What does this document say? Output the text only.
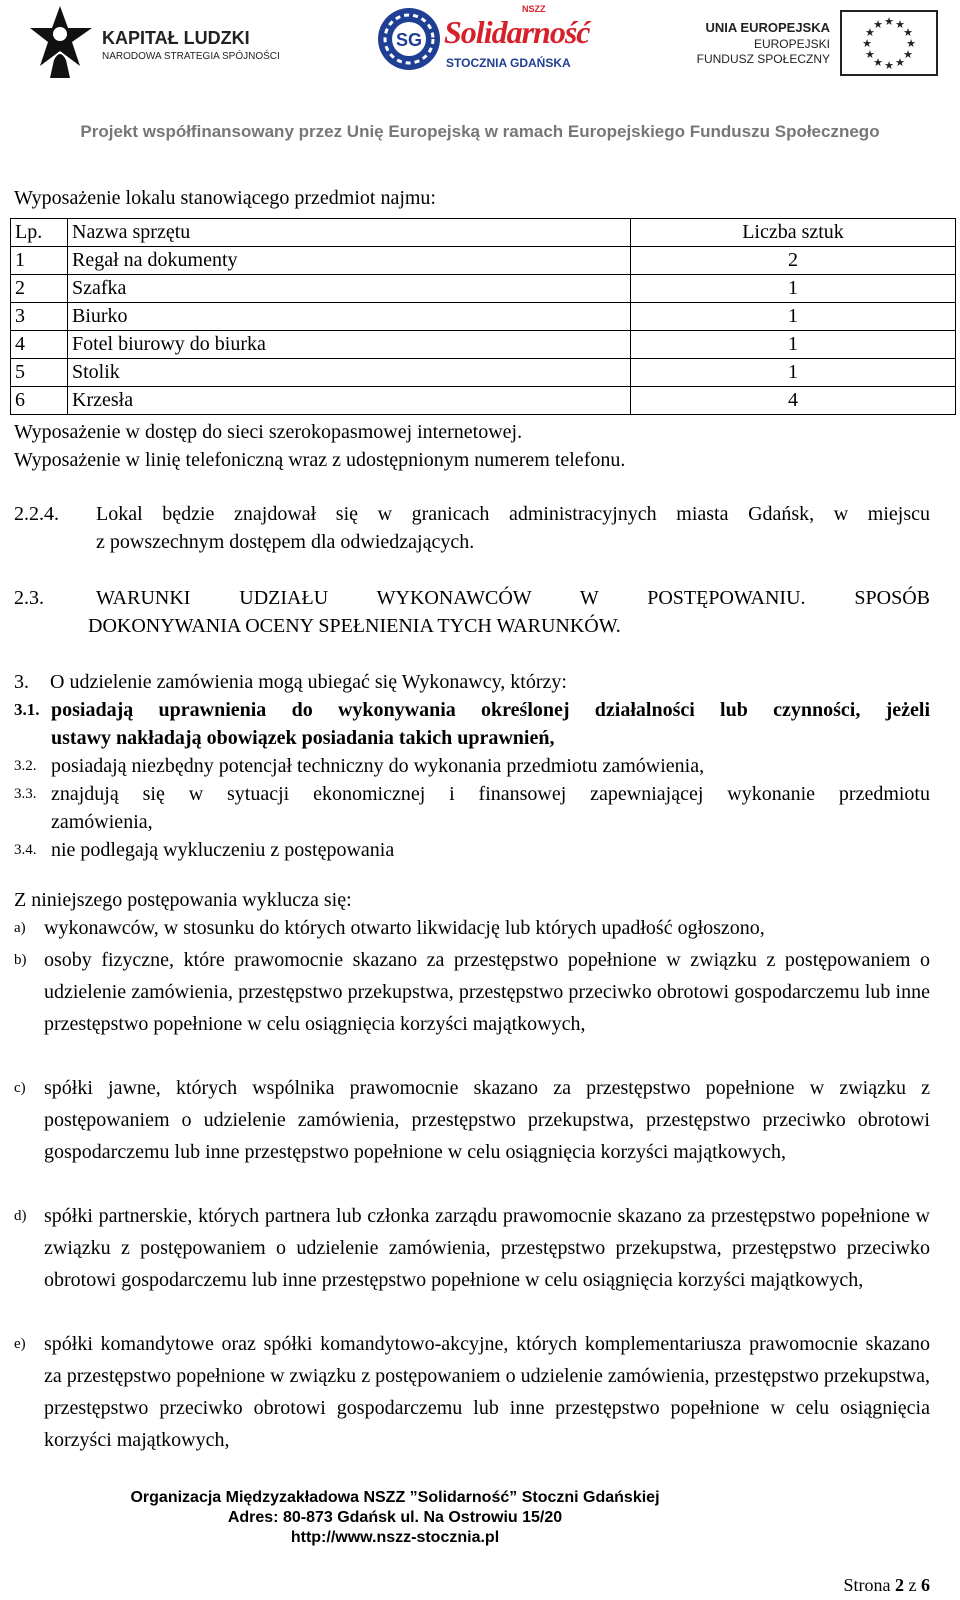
KAPITAŁ LUDZKI
NARODOWA STRATEGIA SPÓJNOŚCI
SG
NSZZ
Solidarność
STOCZNIA GDAŃSKA
UNIA EUROPEJSKA
EUROPEJSKI
FUNDUSZ SPOŁECZNY
★ ★
★
★
★
★
★
★
★
★
★
★
Projekt współfinansowany przez Unię Europejską w ramach Europejskiego Funduszu Społecznego
Wyposażenie lokalu stanowiącego przedmiot najmu:
Lp.	Nazwa sprzętu	Liczba sztuk
1	Regał na dokumenty	2
2	Szafka	1
3	Biurko	1
4	Fotel biurowy do biurka	1
5	Stolik	1
6	Krzesła	4
Wyposażenie w dostęp do sieci szerokopasmowej internetowej.
Wyposażenie w linię telefoniczną wraz z udostępnionym numerem telefonu.
2.2.4. Lokal będzie znajdował się w granicach administracyjnych miasta Gdańsk, w miejscu
z powszechnym dostępem dla odwiedzających.
2.3.	WARUNKI UDZIAŁU WYKONAWCÓW W POSTĘPOWANIU. SPOSÓB
DOKONYWANIA OCENY SPEŁNIENIA TYCH WARUNKÓW.
3. O udzielenie zamówienia mogą ubiegać się Wykonawcy, którzy:
3.1. posiadają uprawnienia do wykonywania określonej działalności lub czynności, jeżeli
ustawy nakładają obowiązek posiadania takich uprawnień,
3.2. posiadają niezbędny potencjał techniczny do wykonania przedmiotu zamówienia,
3.3. znajdują się w sytuacji ekonomicznej i finansowej zapewniającej wykonanie przedmiotu
zamówienia,
3.4. nie podlegają wykluczeniu z postępowania
Z niniejszego postępowania wyklucza się:
a) wykonawców, w stosunku do których otwarto likwidację lub których upadłość ogłoszono,
b) osoby fizyczne, które prawomocnie skazano za przestępstwo popełnione w związku z postępowaniem o udzielenie zamówienia, przestępstwo przekupstwa, przestępstwo przeciwko obrotowi gospodarczemu lub inne przestępstwo popełnione w celu osiągnięcia korzyści majątkowych,
c) spółki jawne, których wspólnika prawomocnie skazano za przestępstwo popełnione w związku z postępowaniem o udzielenie zamówienia, przestępstwo przekupstwa, przestępstwo przeciwko obrotowi gospodarczemu lub inne przestępstwo popełnione w celu osiągnięcia korzyści majątkowych,
d) spółki partnerskie, których partnera lub członka zarządu prawomocnie skazano za przestępstwo popełnione w związku z postępowaniem o udzielenie zamówienia, przestępstwo przekupstwa, przestępstwo przeciwko obrotowi gospodarczemu lub inne przestępstwo popełnione w celu osiągnięcia korzyści majątkowych,
e) spółki komandytowe oraz spółki komandytowo-akcyjne, których komplementariusza prawomocnie skazano za przestępstwo popełnione w związku z postępowaniem o udzielenie zamówienia, przestępstwo przekupstwa, przestępstwo przeciwko obrotowi gospodarczemu lub inne przestępstwo popełnione w celu osiągnięcia korzyści majątkowych,
Organizacja Międzyzakładowa NSZZ ”Solidarność” Stoczni Gdańskiej
Adres: 80-873 Gdańsk ul. Na Ostrowiu 15/20
http://www.nszz-stocznia.pl
Strona 2 z 6
